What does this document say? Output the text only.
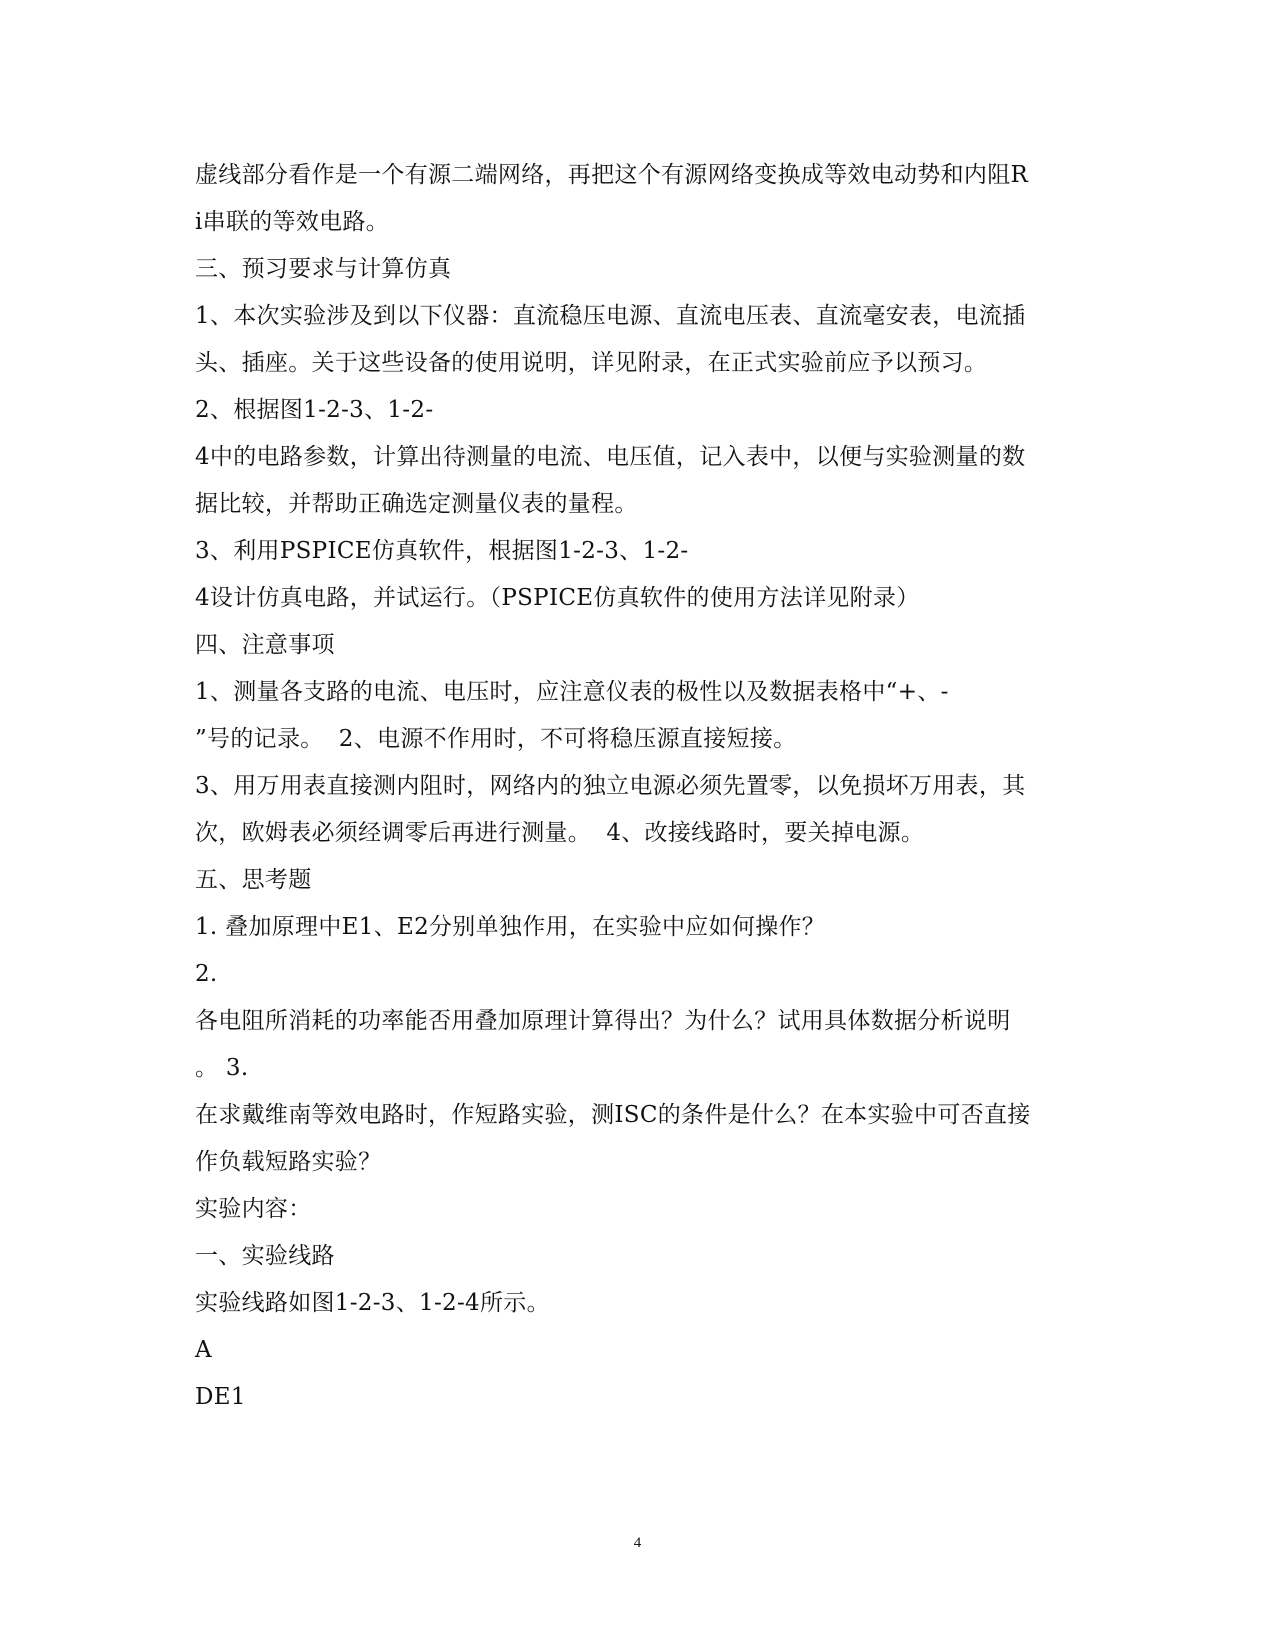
虚线部分看作是一个有源二端网络，再把这个有源网络变换成等效电动势和内阻R
i串联的等效电路。
三、预习要求与计算仿真
1、本次实验涉及到以下仪器：直流稳压电源、直流电压表、直流毫安表，电流插
头、插座。关于这些设备的使用说明，详见附录，在正式实验前应予以预习。
2、根据图1-2-3、1-2-
4中的电路参数，计算出待测量的电流、电压值，记入表中，以便与实验测量的数
据比较，并帮助正确选定测量仪表的量程。
3、利用PSPICE仿真软件，根据图1-2-3、1-2-
4设计仿真电路，并试运行。（PSPICE仿真软件的使用方法详见附录）
四、注意事项
1、测量各支路的电流、电压时，应注意仪表的极性以及数据表格中“+、-
”号的记录。  2、电源不作用时，不可将稳压源直接短接。
3、用万用表直接测内阻时，网络内的独立电源必须先置零，以免损坏万用表，其
次，欧姆表必须经调零后再进行测量。  4、改接线路时，要关掉电源。
五、思考题
1. 叠加原理中E1、E2分别单独作用，在实验中应如何操作？
2.
各电阻所消耗的功率能否用叠加原理计算得出？为什么？试用具体数据分析说明
。 3.
在求戴维南等效电路时，作短路实验，测ISC的条件是什么？在本实验中可否直接
作负载短路实验？
实验内容：
一、实验线路
实验线路如图1-2-3、1-2-4所示。
A
DE1
4
